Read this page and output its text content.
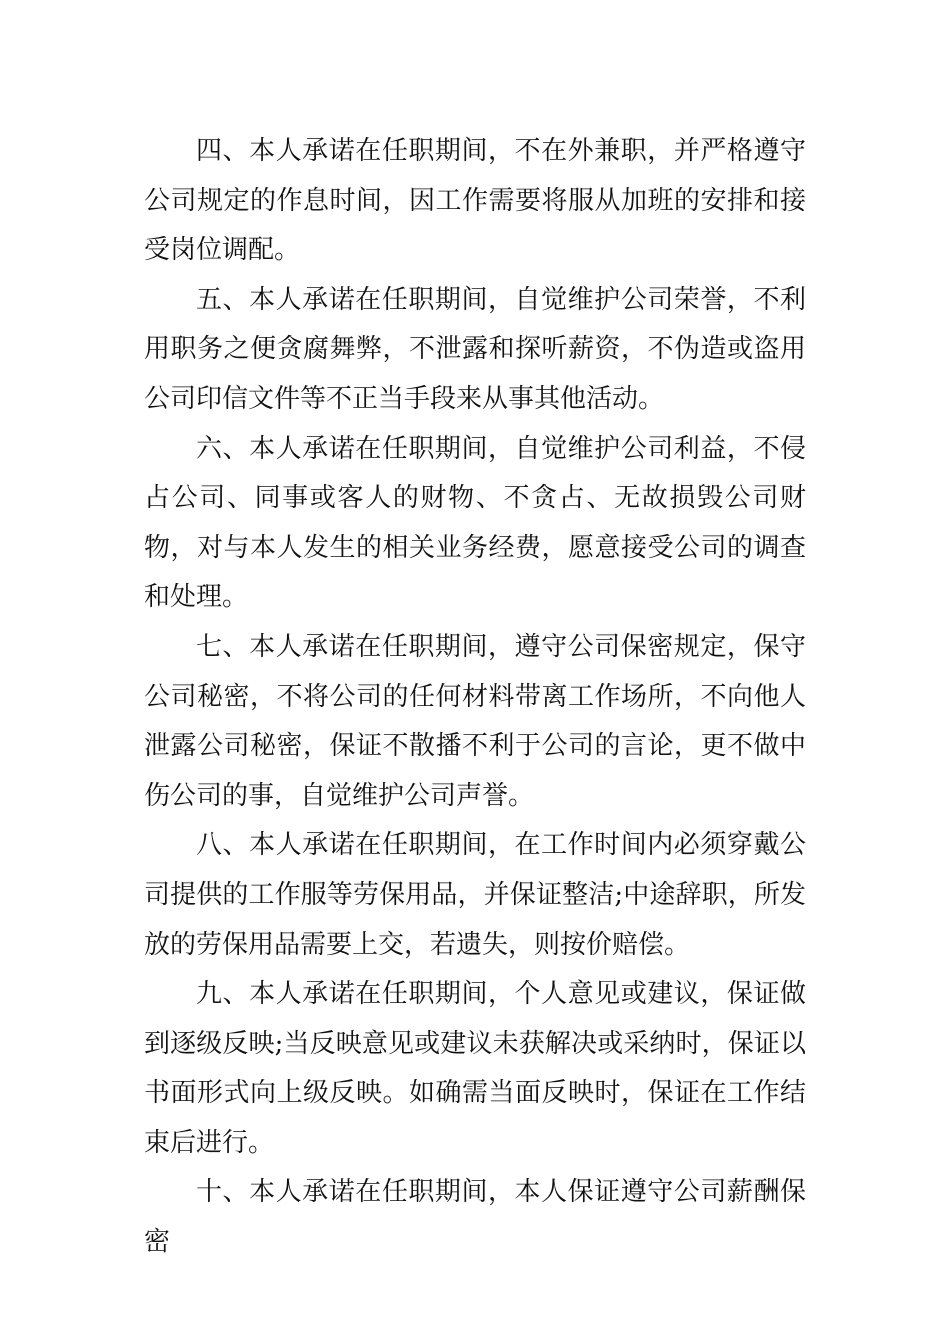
四、本人承诺在任职期间，不在外兼职，并严格遵守公司规定的作息时间，因工作需要将服从加班的安排和接受岗位调配。

五、本人承诺在任职期间，自觉维护公司荣誉，不利用职务之便贪腐舞弊，不泄露和探听薪资，不伪造或盗用公司印信文件等不正当手段来从事其他活动。

六、本人承诺在任职期间，自觉维护公司利益，不侵占公司、同事或客人的财物、不贪占、无故损毁公司财物，对与本人发生的相关业务经费，愿意接受公司的调查和处理。

七、本人承诺在任职期间，遵守公司保密规定，保守公司秘密，不将公司的任何材料带离工作场所，不向他人泄露公司秘密，保证不散播不利于公司的言论，更不做中伤公司的事，自觉维护公司声誉。

八、本人承诺在任职期间，在工作时间内必须穿戴公司提供的工作服等劳保用品，并保证整洁;中途辞职，所发放的劳保用品需要上交，若遗失，则按价赔偿。

九、本人承诺在任职期间，个人意见或建议，保证做到逐级反映;当反映意见或建议未获解决或采纳时，保证以书面形式向上级反映。如确需当面反映时，保证在工作结束后进行。

十、本人承诺在任职期间，本人保证遵守公司薪酬保密
